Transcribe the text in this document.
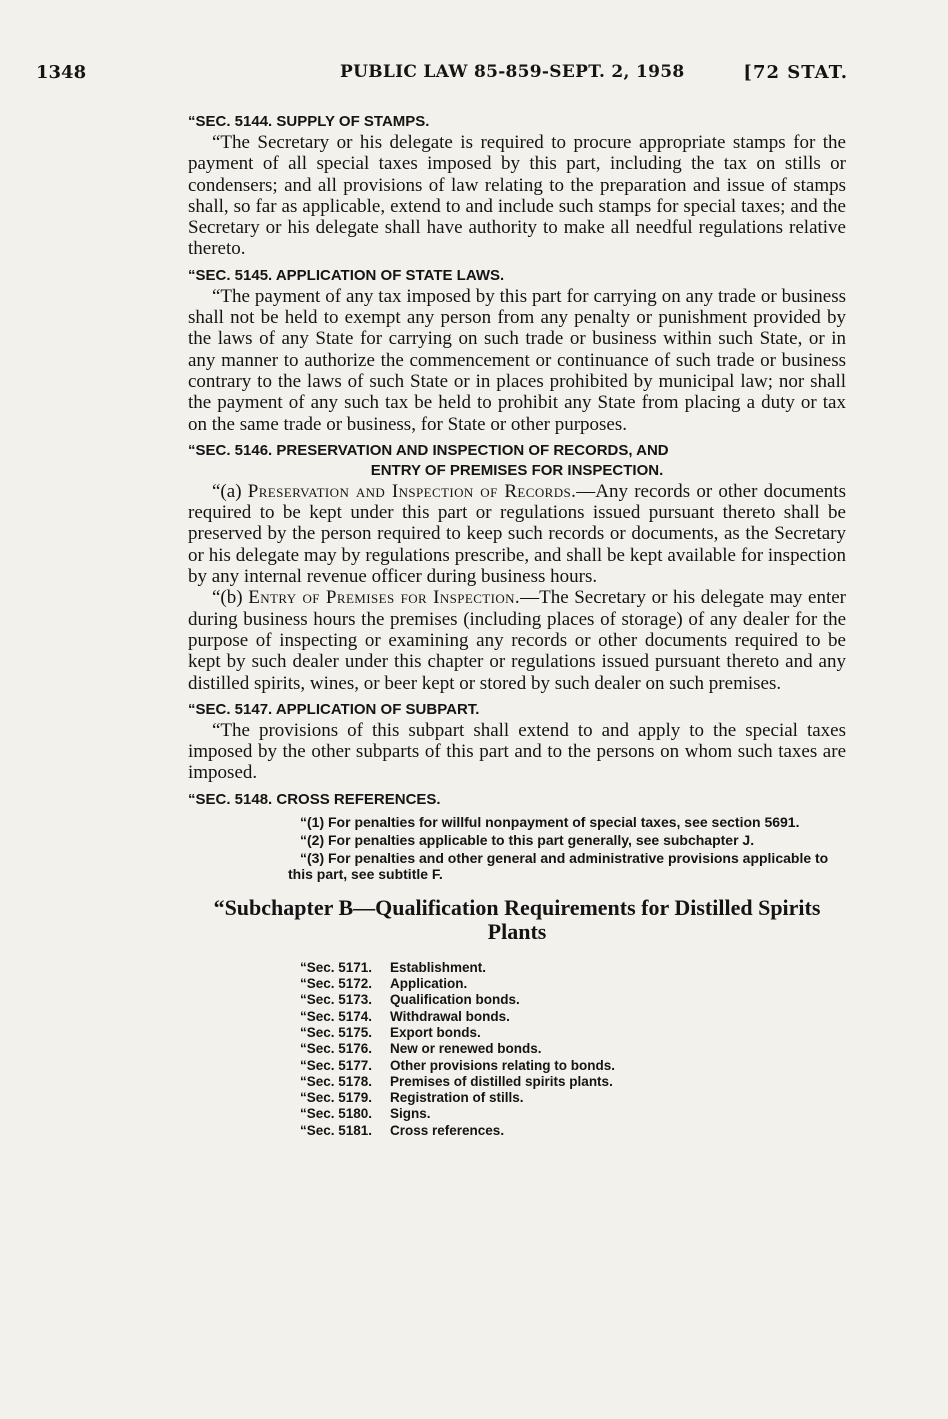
1348	PUBLIC LAW 85-859-SEPT. 2, 1958	[72 STAT.
“SEC. 5144. SUPPLY OF STAMPS.

“The Secretary or his delegate is required to procure appropriate stamps for the payment of all special taxes imposed by this part, including the tax on stills or condensers; and all provisions of law relating to the preparation and issue of stamps shall, so far as applicable, extend to and include such stamps for special taxes; and the Secretary or his delegate shall have authority to make all needful regulations relative thereto.

“SEC. 5145. APPLICATION OF STATE LAWS.

“The payment of any tax imposed by this part for carrying on any trade or business shall not be held to exempt any person from any penalty or punishment provided by the laws of any State for carrying on such trade or business within such State, or in any manner to authorize the commencement or continuance of such trade or business contrary to the laws of such State or in places prohibited by municipal law; nor shall the payment of any such tax be held to prohibit any State from placing a duty or tax on the same trade or business, for State or other purposes.

“SEC. 5146. PRESERVATION AND INSPECTION OF RECORDS, AND
ENTRY OF PREMISES FOR INSPECTION.

“(a) Preservation and Inspection of Records.—Any records or other documents required to be kept under this part or regulations issued pursuant thereto shall be preserved by the person required to keep such records or documents, as the Secretary or his delegate may by regulations prescribe, and shall be kept available for inspection by any internal revenue officer during business hours.

“(b) Entry of Premises for Inspection.—The Secretary or his delegate may enter during business hours the premises (including places of storage) of any dealer for the purpose of inspecting or examining any records or other documents required to be kept by such dealer under this chapter or regulations issued pursuant thereto and any distilled spirits, wines, or beer kept or stored by such dealer on such premises.

“SEC. 5147. APPLICATION OF SUBPART.

“The provisions of this subpart shall extend to and apply to the special taxes imposed by the other subparts of this part and to the persons on whom such taxes are imposed.

“SEC. 5148. CROSS REFERENCES.

“(1) For penalties for willful nonpayment of special taxes, see section 5691.

“(2) For penalties applicable to this part generally, see subchapter J.

“(3) For penalties and other general and administrative provisions applicable to this part, see subtitle F.

“Subchapter B—Qualification Requirements for Distilled Spirits Plants
“Sec. 5171. Establishment.
“Sec. 5172. Application.
“Sec. 5173. Qualification bonds.
“Sec. 5174. Withdrawal bonds.
“Sec. 5175. Export bonds.
“Sec. 5176. New or renewed bonds.
“Sec. 5177. Other provisions relating to bonds.
“Sec. 5178. Premises of distilled spirits plants.
“Sec. 5179. Registration of stills.
“Sec. 5180. Signs.
“Sec. 5181. Cross references.
